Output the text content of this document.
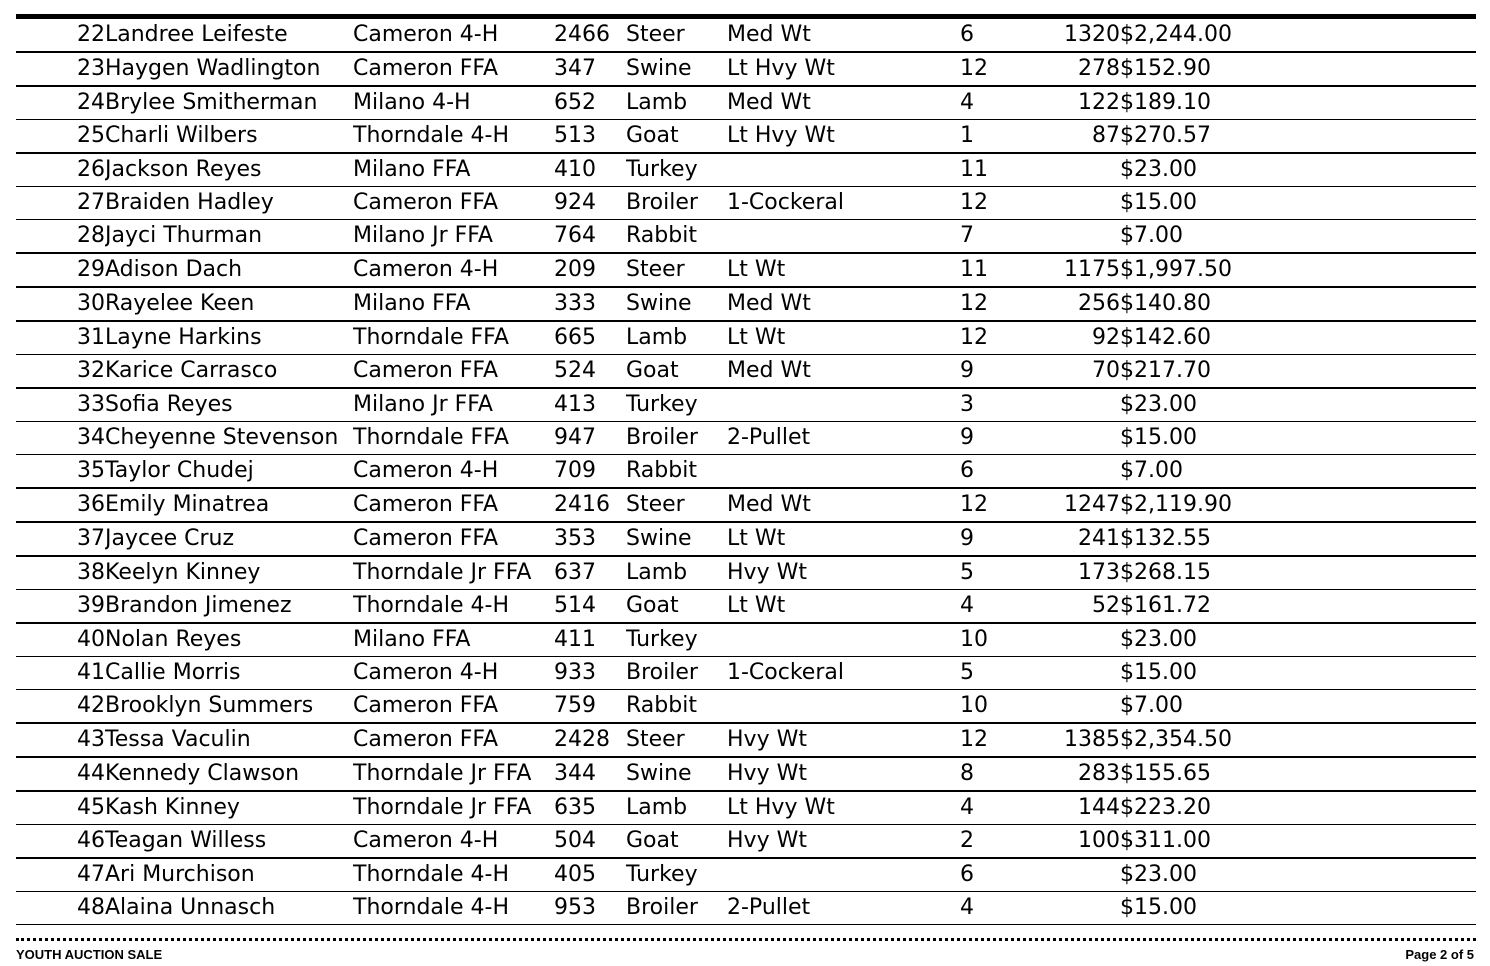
22	Landree Leifeste	Cameron 4-H	2466	Steer	Med Wt	6	1320	$2,244.00
23	Haygen Wadlington	Cameron FFA	347	Swine	Lt Hvy Wt	12	278	$152.90
24	Brylee Smitherman	Milano 4-H	652	Lamb	Med Wt	4	122	$189.10
25	Charli Wilbers	Thorndale 4-H	513	Goat	Lt Hvy Wt	1	87	$270.57
26	Jackson Reyes	Milano FFA	410	Turkey		11		$23.00
27	Braiden Hadley	Cameron FFA	924	Broiler	1-Cockeral	12		$15.00
28	Jayci Thurman	Milano Jr FFA	764	Rabbit		7		$7.00
29	Adison Dach	Cameron 4-H	209	Steer	Lt Wt	11	1175	$1,997.50
30	Rayelee Keen	Milano FFA	333	Swine	Med Wt	12	256	$140.80
31	Layne Harkins	Thorndale FFA	665	Lamb	Lt Wt	12	92	$142.60
32	Karice Carrasco	Cameron FFA	524	Goat	Med Wt	9	70	$217.70
33	Sofia Reyes	Milano Jr FFA	413	Turkey		3		$23.00
34	Cheyenne Stevenson	Thorndale FFA	947	Broiler	2-Pullet	9		$15.00
35	Taylor Chudej	Cameron 4-H	709	Rabbit		6		$7.00
36	Emily Minatrea	Cameron FFA	2416	Steer	Med Wt	12	1247	$2,119.90
37	Jaycee Cruz	Cameron FFA	353	Swine	Lt Wt	9	241	$132.55
38	Keelyn Kinney	Thorndale Jr FFA	637	Lamb	Hvy Wt	5	173	$268.15
39	Brandon Jimenez	Thorndale 4-H	514	Goat	Lt Wt	4	52	$161.72
40	Nolan Reyes	Milano FFA	411	Turkey		10		$23.00
41	Callie Morris	Cameron 4-H	933	Broiler	1-Cockeral	5		$15.00
42	Brooklyn Summers	Cameron FFA	759	Rabbit		10		$7.00
43	Tessa Vaculin	Cameron FFA	2428	Steer	Hvy Wt	12	1385	$2,354.50
44	Kennedy Clawson	Thorndale Jr FFA	344	Swine	Hvy Wt	8	283	$155.65
45	Kash Kinney	Thorndale Jr FFA	635	Lamb	Lt Hvy Wt	4	144	$223.20
46	Teagan Willess	Cameron 4-H	504	Goat	Hvy Wt	2	100	$311.00
47	Ari Murchison	Thorndale 4-H	405	Turkey		6		$23.00
48	Alaina Unnasch	Thorndale 4-H	953	Broiler	2-Pullet	4		$15.00
YOUTH AUCTION SALE	Page 2 of 5
